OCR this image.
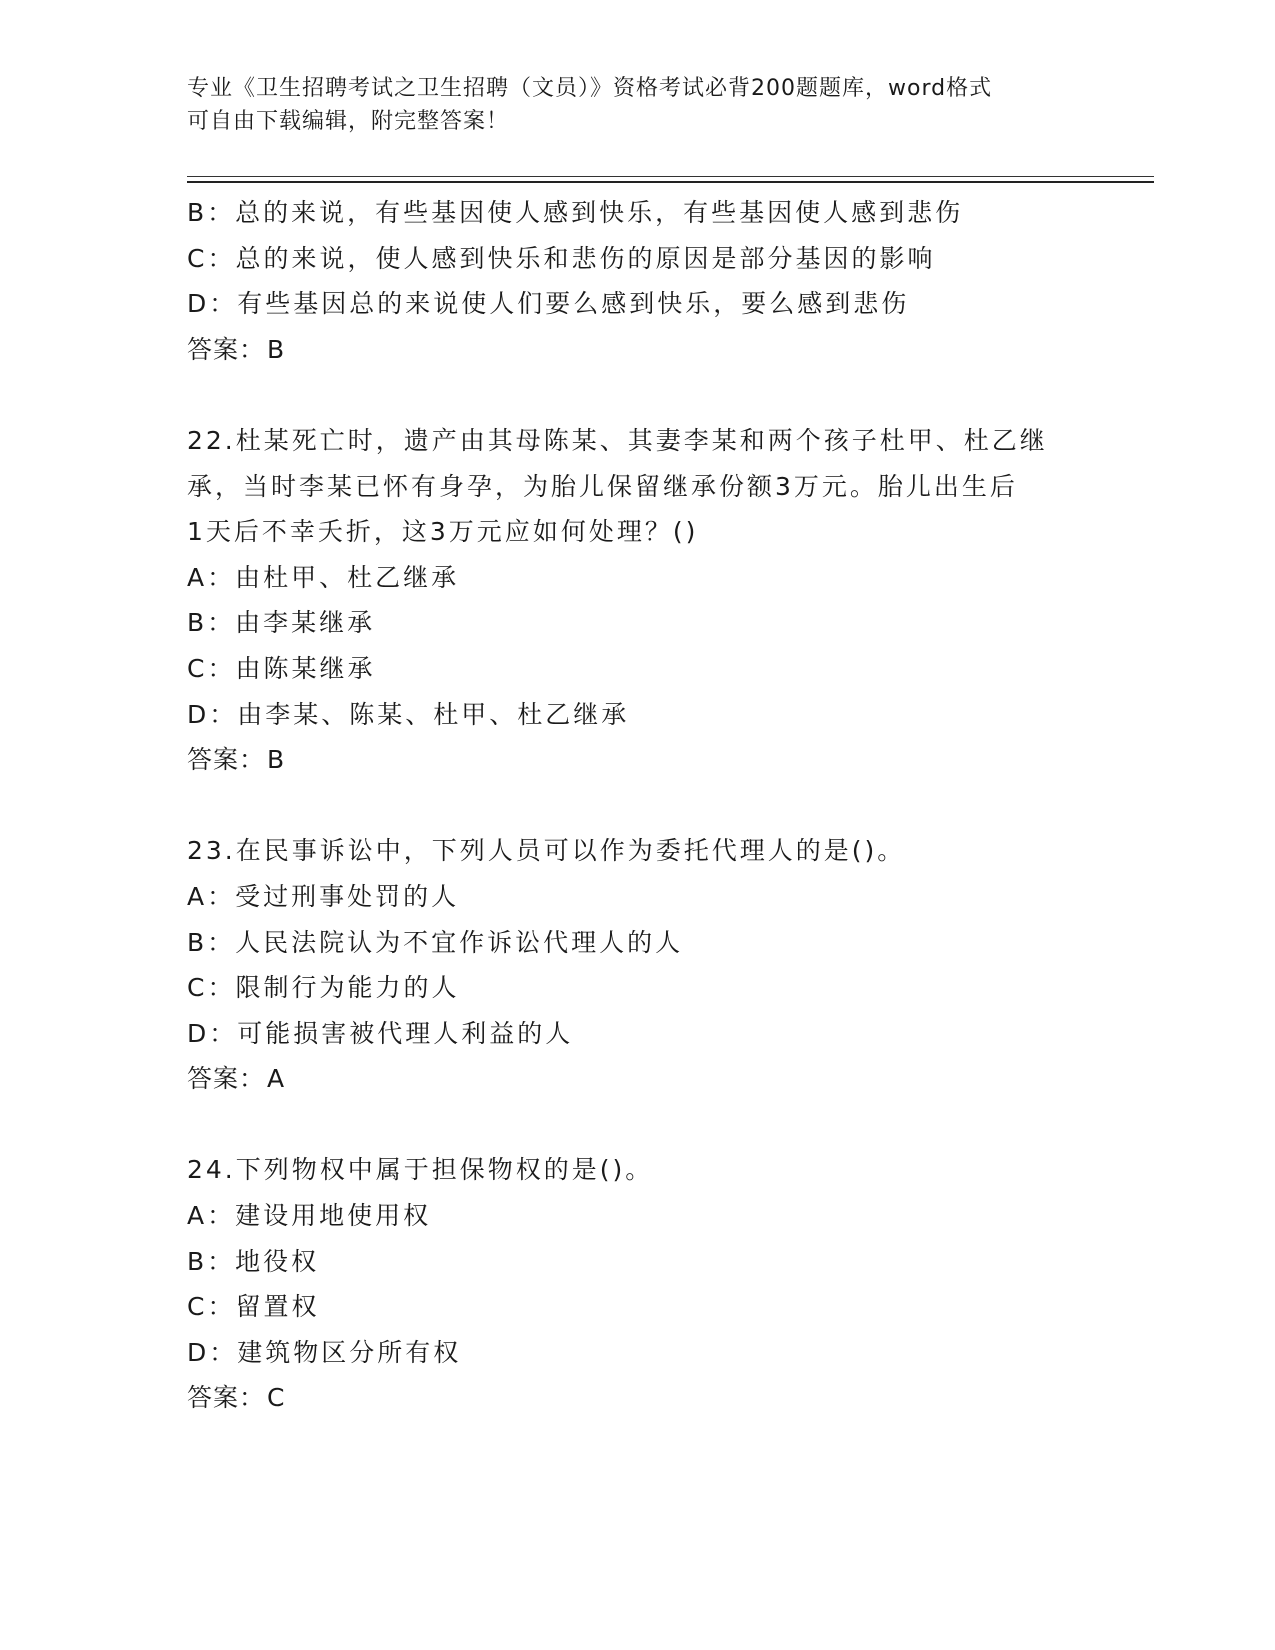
专业《卫生招聘考试之卫生招聘（文员）》资格考试必背200题题库，word格式
可自由下载编辑，附完整答案！
B：总的来说，有些基因使人感到快乐，有些基因使人感到悲伤
C：总的来说，使人感到快乐和悲伤的原因是部分基因的影响
D：有些基因总的来说使人们要么感到快乐，要么感到悲伤
答案：B
22.杜某死亡时，遗产由其母陈某、其妻李某和两个孩子杜甲、杜乙继
承，当时李某已怀有身孕，为胎儿保留继承份额3万元。胎儿出生后
1天后不幸夭折，这3万元应如何处理？()
A：由杜甲、杜乙继承
B：由李某继承
C：由陈某继承
D：由李某、陈某、杜甲、杜乙继承
答案：B
23.在民事诉讼中，下列人员可以作为委托代理人的是()。
A：受过刑事处罚的人
B：人民法院认为不宜作诉讼代理人的人
C：限制行为能力的人
D：可能损害被代理人利益的人
答案：A
24.下列物权中属于担保物权的是()。
A：建设用地使用权
B：地役权
C：留置权
D：建筑物区分所有权
答案：C
